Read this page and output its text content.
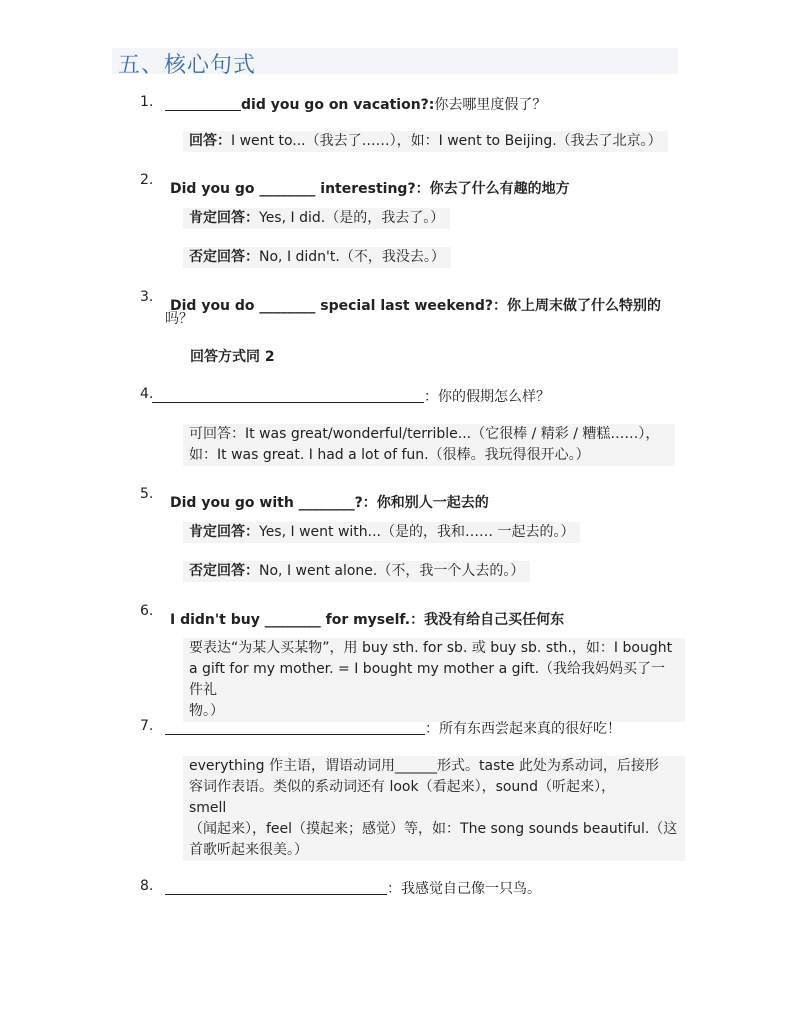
五、核心句式
1.	did you go on vacation?:你去哪里度假了？
回答：I went to...（我去了……），如：I went to Beijing.（我去了北京。）
2.
Did you go ________ interesting?：你去了什么有趣的地方
肯定回答：Yes, I did.（是的，我去了。）
否定回答：No, I didn't.（不，我没去。）
3.
Did you do ________ special last weekend?：你上周末做了什么特别的
吗？
回答方式同 2
4.	：你的假期怎么样？
可回答：It was great/wonderful/terrible...（它很棒 / 精彩 / 糟糕……），
如：It was great. I had a lot of fun.（很棒。我玩得很开心。）
5.
Did you go with ________?：你和别人一起去的
肯定回答：Yes, I went with...（是的，我和…… 一起去的。）
否定回答：No, I went alone.（不，我一个人去的。）
6.
I didn't buy ________ for myself.：我没有给自己买任何东
要表达“为某人买某物”，用 buy sth. for sb. 或 buy sb. sth.，如：I bought
a gift for my mother. = I bought my mother a gift.（我给我妈妈买了一件礼
物。）
7.	：所有东西尝起来真的很好吃！
everything 作主语，谓语动词用______形式。taste 此处为系动词，后接形
容词作表语。类似的系动词还有 look（看起来），sound（听起来），
smell
（闻起来），feel（摸起来；感觉）等，如：The song sounds beautiful.（这
首歌听起来很美。）
8.	：我感觉自己像一只鸟。
